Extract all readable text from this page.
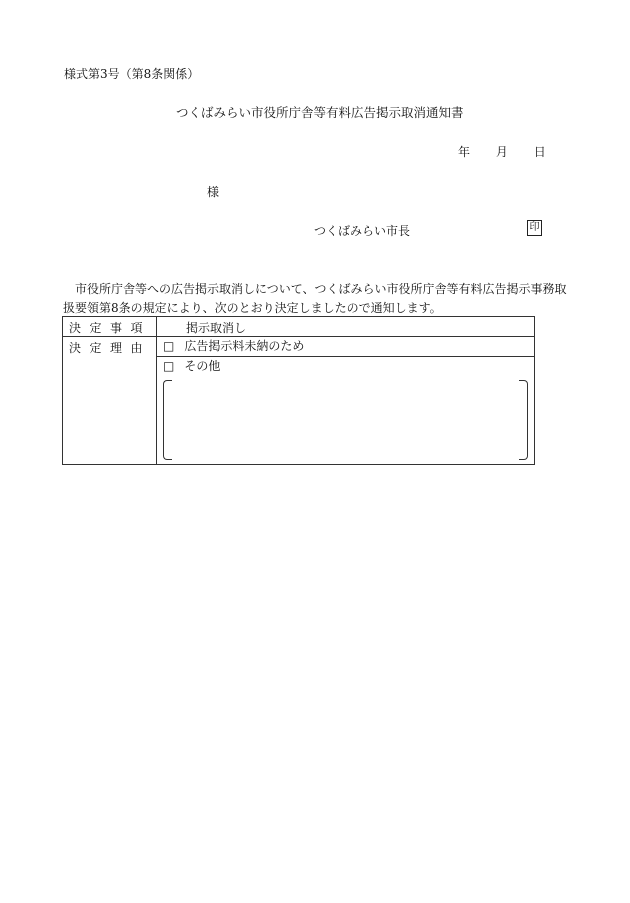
様式第3号（第8条関係）
つくばみらい市役所庁舎等有料広告掲示取消通知書
年 月 日
様
つくばみらい市長	印

市役所庁舎等への広告掲示取消しについて、つくばみらい市役所庁舎等有料広告掲示事務取

扱要領第8条の規定により、次のとおり決定しましたので通知します。

決定事項	掲示取消し
決定理由	□ 広告掲示料未納のため
□ その他
